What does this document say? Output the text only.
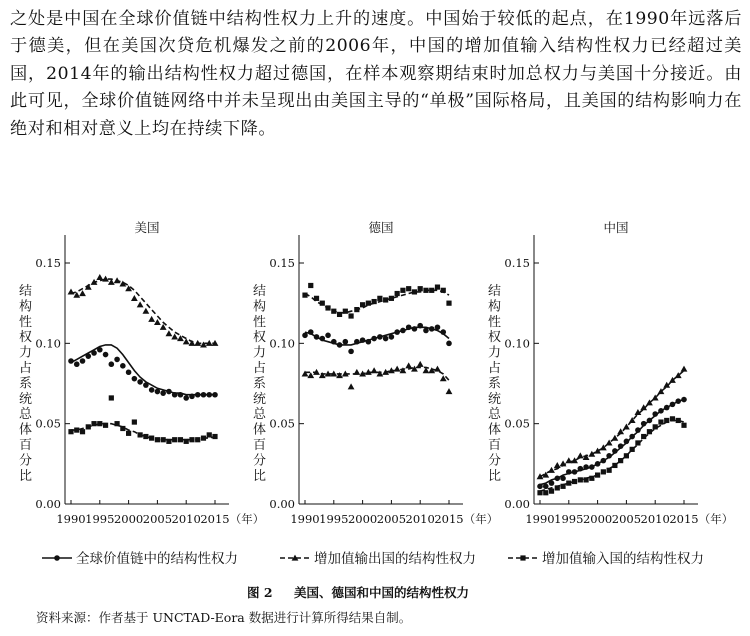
之处是中国在全球价值链中结构性权力上升的速度。中国始于较低的起点，在1990年远落后于德美，但在美国次贷危机爆发之前的2006年，中国的增加值输入结构性权力已经超过美国，2014年的输出结构性权力超过德国，在样本观察期结束时加总权力与美国十分接近。由此可见，全球价值链网络中并未呈现出由美国主导的“单极”国际格局，且美国的结构影响力在绝对和相对意义上均在持续下降。

美国
0.00
0.05
0.10
0.15
1990 1995 2000 2005 2010 2015 （年）
结构性权力占系统总体百分比
德国
0.00
0.05
0.10
0.15
1990 1995 2000 2005 2010 2015 （年）
结构性权力占系统总体百分比
中国
0.00
0.05
0.10
0.15
1990 1995 2000 2005 2010 2015 （年）
结构性权力占系统总体百分比
全球价值链中的结构性权力	增加值输出国的结构性权力	增加值输入国的结构性权力
图 2 美国、德国和中国的结构性权力
资料来源：作者基于 UNCTAD-Eora 数据进行计算所得结果自制。
